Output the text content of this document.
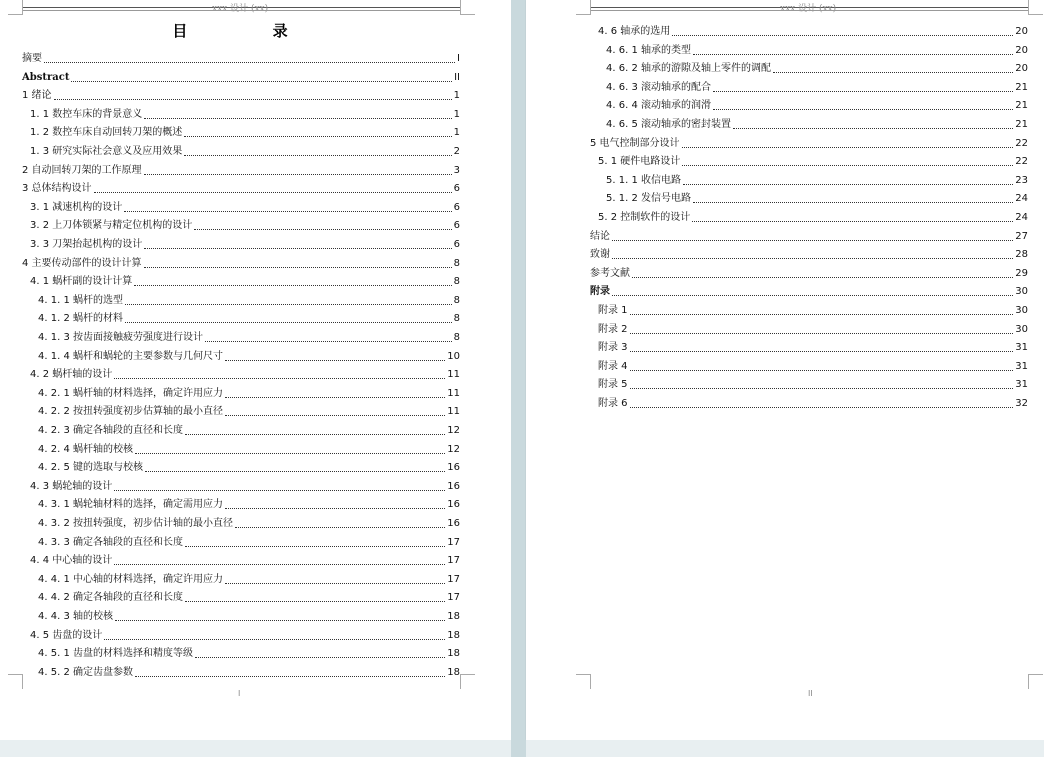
xxx 设计 (xx)
目 录
摘要	I
Abstract	II
1 绪论	1
1. 1 数控车床的背景意义	1
1. 2 数控车床自动回转刀架的概述	1
1. 3 研究实际社会意义及应用效果	2
2 自动回转刀架的工作原理	3
3 总体结构设计	6
3. 1 减速机构的设计	6
3. 2 上刀体锁紧与精定位机构的设计	6
3. 3 刀架抬起机构的设计	6
4 主要传动部件的设计计算	8
4. 1 蜗杆副的设计计算	8
4. 1. 1 蜗杆的选型	8
4. 1. 2 蜗杆的材料	8
4. 1. 3 按齿面接触疲劳强度进行设计	8
4. 1. 4 蜗杆和蜗轮的主要参数与几何尺寸	10
4. 2 蜗杆轴的设计	11
4. 2. 1 蜗杆轴的材料选择，确定许用应力	11
4. 2. 2 按扭转强度初步估算轴的最小直径	11
4. 2. 3 确定各轴段的直径和长度	12
4. 2. 4 蜗杆轴的校核	12
4. 2. 5 键的选取与校核	16
4. 3 蜗轮轴的设计	16
4. 3. 1 蜗轮轴材料的选择，确定需用应力	16
4. 3. 2 按扭转强度，初步估计轴的最小直径	16
4. 3. 3 确定各轴段的直径和长度	17
4. 4 中心轴的设计	17
4. 4. 1 中心轴的材料选择，确定许用应力	17
4. 4. 2 确定各轴段的直径和长度	17
4. 4. 3 轴的校核	18
4. 5 齿盘的设计	18
4. 5. 1 齿盘的材料选择和精度等级	18
4. 5. 2 确定齿盘参数	18
I
xxx 设计 (xx)
4. 6 轴承的选用	20
4. 6. 1 轴承的类型	20
4. 6. 2 轴承的游隙及轴上零件的调配	20
4. 6. 3 滚动轴承的配合	21
4. 6. 4 滚动轴承的润滑	21
4. 6. 5 滚动轴承的密封装置	21
5 电气控制部分设计	22
5. 1 硬件电路设计	22
5. 1. 1 收信电路	23
5. 1. 2 发信号电路	24
5. 2 控制软件的设计	24
结论	27
致谢	28
参考文献	29
附录	30
附录 1	30
附录 2	30
附录 3	31
附录 4	31
附录 5	31
附录 6	32
II
